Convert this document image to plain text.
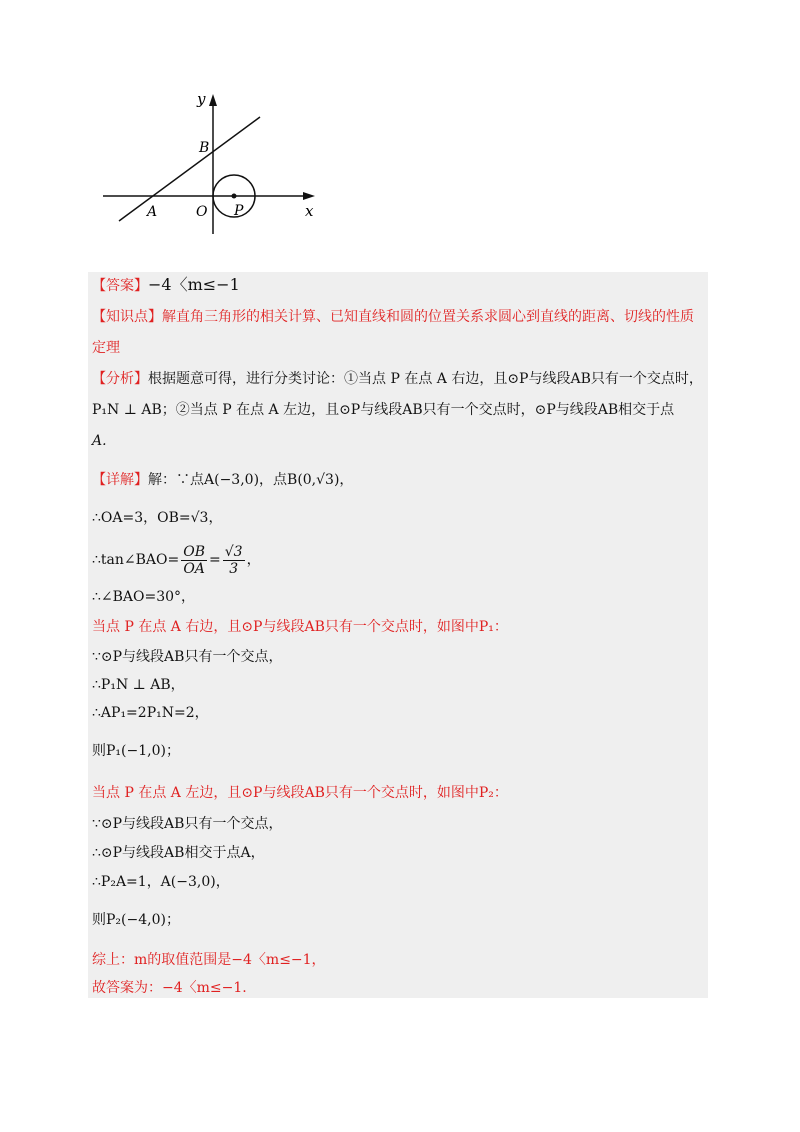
y
B
A	O P	x
【答案】−4〈m≤−1
【知识点】解直角三角形的相关计算、已知直线和圆的位置关系求圆心到直线的距离、切线的性质
定理
【分析】根据题意可得，进行分类讨论：①当点 P 在点 A 右边，且⊙P与线段AB只有一个交点时，
P₁N ⊥ AB；②当点 P 在点 A 左边，且⊙P与线段AB只有一个交点时，⊙P与线段AB相交于点
A.
【详解】解：∵点A(−3,0)，点B(0,√3)，
∴OA=3，OB=√3，
∴tan∠BAO= $\frac{OB}{OA} = \frac{√3}{3}$ ，
∴∠BAO=30°，
当点 P 在点 A 右边，且⊙P与线段AB只有一个交点时，如图中P₁：
∵⊙P与线段AB只有一个交点，
∴P₁N ⊥ AB，
∴AP₁=2P₁N=2，
则P₁(−1,0)；
当点 P 在点 A 左边，且⊙P与线段AB只有一个交点时，如图中P₂：
∵⊙P与线段AB只有一个交点，
∴⊙P与线段AB相交于点A，
∴P₂A=1，A(−3,0)，
则P₂(−4,0)；
综上：m的取值范围是−4〈m≤−1，
故答案为：−4〈m≤−1.
